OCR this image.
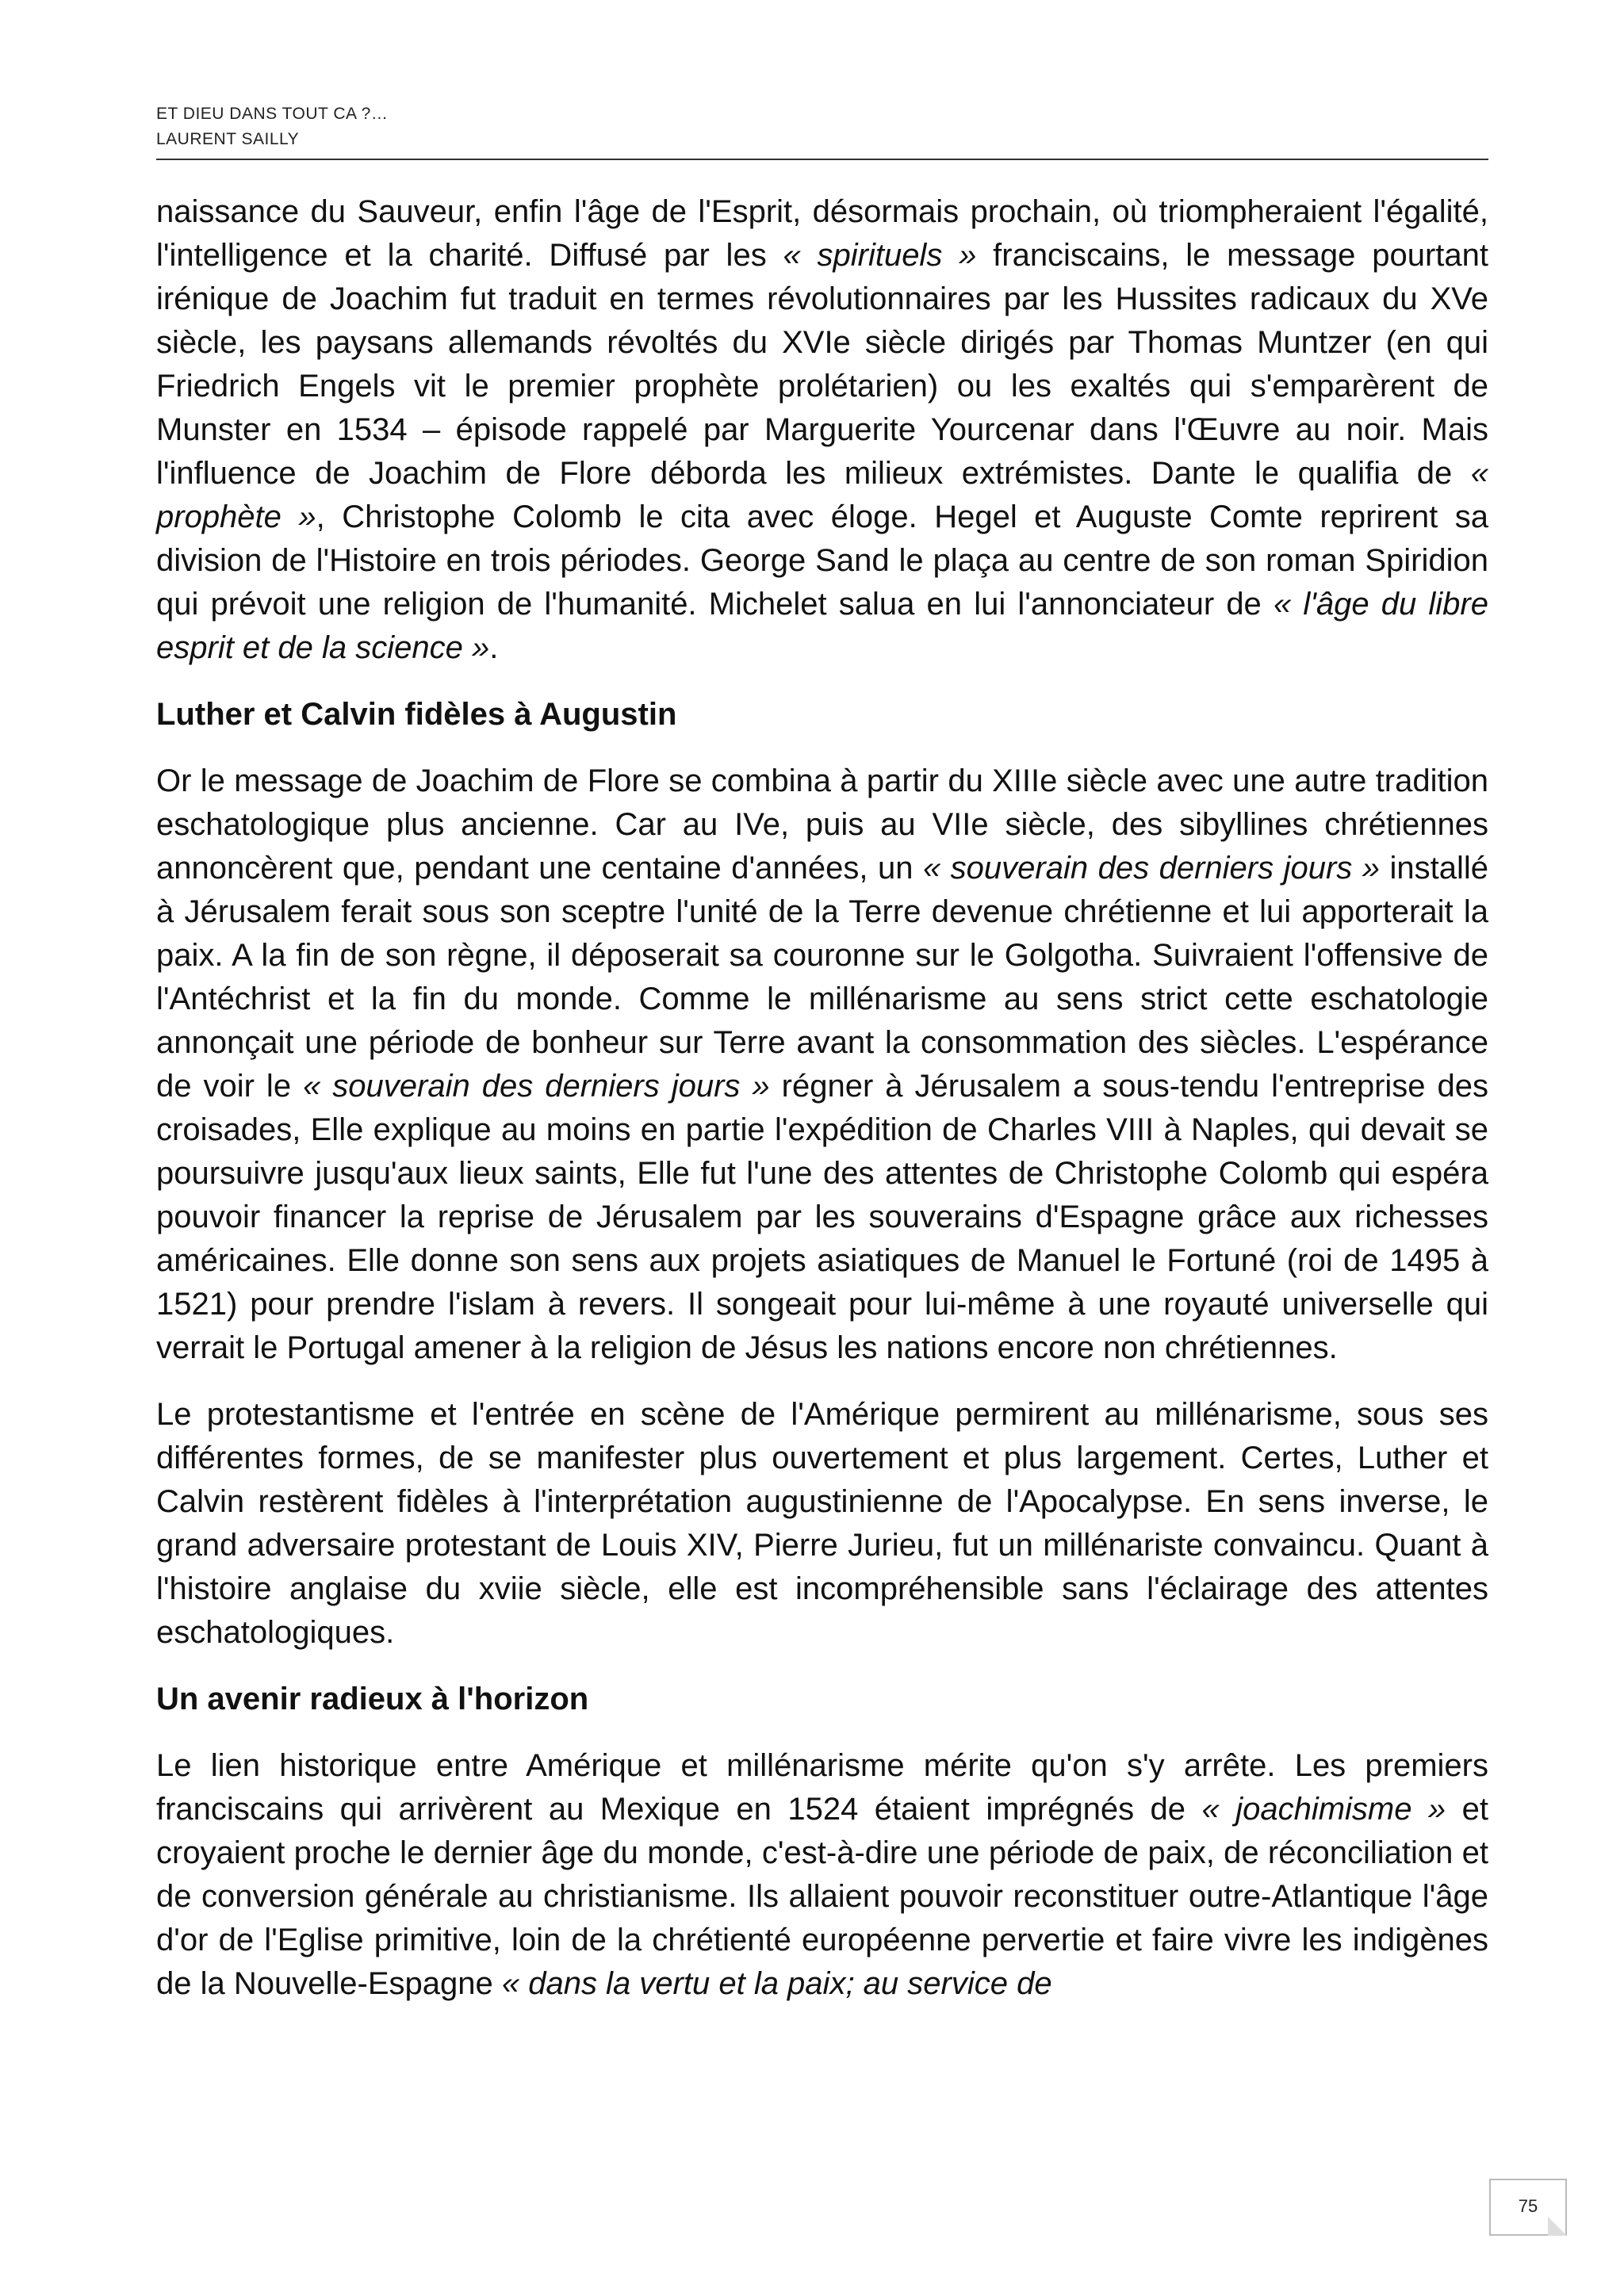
ET DIEU DANS TOUT CA ?…
LAURENT SAILLY

naissance du Sauveur, enfin l'âge de l'Esprit, désormais prochain, où triompheraient l'égalité, l'intelligence et la charité. Diffusé par les « spirituels » franciscains, le message pourtant irénique de Joachim fut traduit en termes révolutionnaires par les Hussites radicaux du XVe siècle, les paysans allemands révoltés du XVIe siècle dirigés par Thomas Muntzer (en qui Friedrich Engels vit le premier prophète prolétarien) ou les exaltés qui s'emparèrent de Munster en 1534 – épisode rappelé par Marguerite Yourcenar dans l'Œuvre au noir. Mais l'influence de Joachim de Flore déborda les milieux extrémistes. Dante le qualifia de « prophète », Christophe Colomb le cita avec éloge. Hegel et Auguste Comte reprirent sa division de l'Histoire en trois périodes. George Sand le plaça au centre de son roman Spiridion qui prévoit une religion de l'humanité. Michelet salua en lui l'annonciateur de « l'âge du libre esprit et de la science ».

Luther et Calvin fidèles à Augustin

Or le message de Joachim de Flore se combina à partir du XIIIe siècle avec une autre tradition eschatologique plus ancienne. Car au IVe, puis au VIIe siècle, des sibyllines chrétiennes annoncèrent que, pendant une centaine d'années, un « souverain des derniers jours » installé à Jérusalem ferait sous son sceptre l'unité de la Terre devenue chrétienne et lui apporterait la paix. A la fin de son règne, il déposerait sa couronne sur le Golgotha. Suivraient l'offensive de l'Antéchrist et la fin du monde. Comme le millénarisme au sens strict cette eschatologie annonçait une période de bonheur sur Terre avant la consommation des siècles. L'espérance de voir le « souverain des derniers jours » régner à Jérusalem a sous-tendu l'entreprise des croisades, Elle explique au moins en partie l'expédition de Charles VIII à Naples, qui devait se poursuivre jusqu'aux lieux saints, Elle fut l'une des attentes de Christophe Colomb qui espéra pouvoir financer la reprise de Jérusalem par les souverains d'Espagne grâce aux richesses américaines. Elle donne son sens aux projets asiatiques de Manuel le Fortuné (roi de 1495 à 1521) pour prendre l'islam à revers. Il songeait pour lui-même à une royauté universelle qui verrait le Portugal amener à la religion de Jésus les nations encore non chrétiennes.

Le protestantisme et l'entrée en scène de l'Amérique permirent au millénarisme, sous ses différentes formes, de se manifester plus ouvertement et plus largement. Certes, Luther et Calvin restèrent fidèles à l'interprétation augustinienne de l'Apocalypse. En sens inverse, le grand adversaire protestant de Louis XIV, Pierre Jurieu, fut un millénariste convaincu. Quant à l'histoire anglaise du xviie siècle, elle est incompréhensible sans l'éclairage des attentes eschatologiques.

Un avenir radieux à l'horizon

Le lien historique entre Amérique et millénarisme mérite qu'on s'y arrête. Les premiers franciscains qui arrivèrent au Mexique en 1524 étaient imprégnés de « joachimisme » et croyaient proche le dernier âge du monde, c'est-à-dire une période de paix, de réconciliation et de conversion générale au christianisme. Ils allaient pouvoir reconstituer outre-Atlantique l'âge d'or de l'Eglise primitive, loin de la chrétienté européenne pervertie et faire vivre les indigènes de la Nouvelle-Espagne « dans la vertu et la paix; au service de

75
